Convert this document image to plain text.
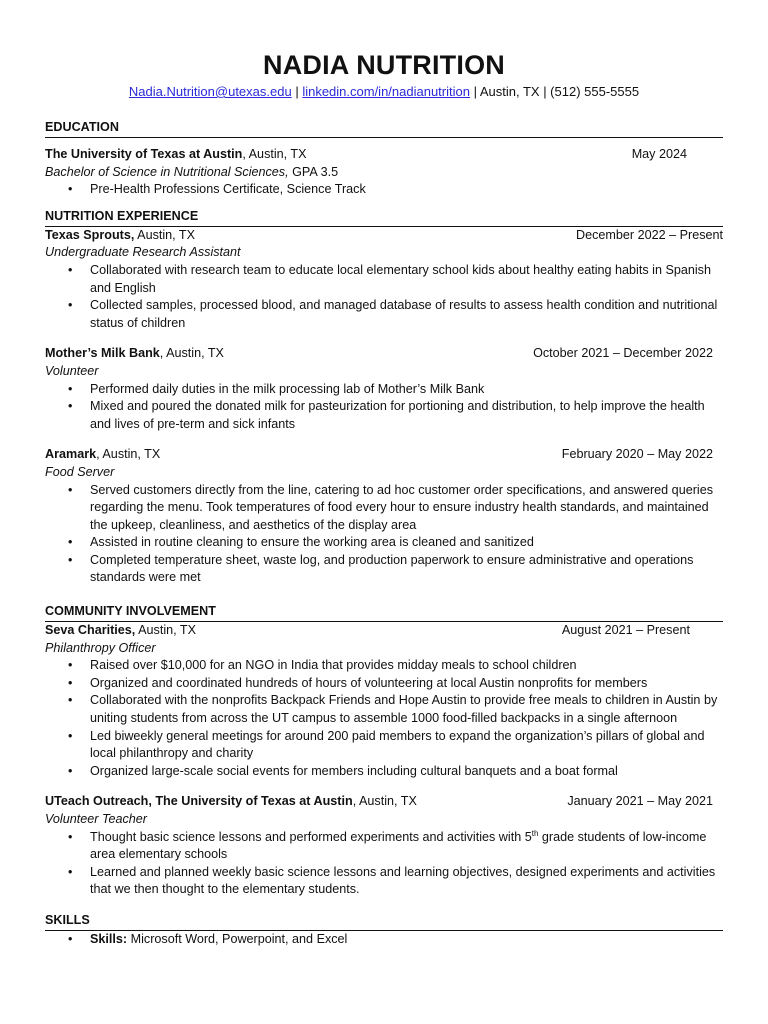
NADIA NUTRITION
Nadia.Nutrition@utexas.edu | linkedin.com/in/nadianutrition | Austin, TX | (512) 555-5555
EDUCATION
The University of Texas at Austin, Austin, TX	May 2024
Bachelor of Science in Nutritional Sciences, GPA 3.5
• Pre-Health Professions Certificate, Science Track
NUTRITION EXPERIENCE
Texas Sprouts, Austin, TX	December 2022 – Present
Undergraduate Research Assistant
• Collaborated with research team to educate local elementary school kids about healthy eating habits in Spanish and English
• Collected samples, processed blood, and managed database of results to assess health condition and nutritional status of children
Mother’s Milk Bank, Austin, TX	October 2021 – December 2022
Volunteer
• Performed daily duties in the milk processing lab of Mother’s Milk Bank
• Mixed and poured the donated milk for pasteurization for portioning and distribution, to help improve the health and lives of pre-term and sick infants
Aramark, Austin, TX	February 2020 – May 2022
Food Server
• Served customers directly from the line, catering to ad hoc customer order specifications, and answered queries regarding the menu. Took temperatures of food every hour to ensure industry health standards, and maintained the upkeep, cleanliness, and aesthetics of the display area
• Assisted in routine cleaning to ensure the working area is cleaned and sanitized
• Completed temperature sheet, waste log, and production paperwork to ensure administrative and operations standards were met
COMMUNITY INVOLVEMENT
Seva Charities, Austin, TX	August 2021 – Present
Philanthropy Officer
• Raised over $10,000 for an NGO in India that provides midday meals to school children
• Organized and coordinated hundreds of hours of volunteering at local Austin nonprofits for members
• Collaborated with the nonprofits Backpack Friends and Hope Austin to provide free meals to children in Austin by uniting students from across the UT campus to assemble 1000 food-filled backpacks in a single afternoon
• Led biweekly general meetings for around 200 paid members to expand the organization’s pillars of global and local philanthropy and charity
• Organized large-scale social events for members including cultural banquets and a boat formal
UTeach Outreach, The University of Texas at Austin, Austin, TX	January 2021 – May 2021
Volunteer Teacher
• Thought basic science lessons and performed experiments and activities with 5th grade students of low-income area elementary schools
• Learned and planned weekly basic science lessons and learning objectives, designed experiments and activities that we then thought to the elementary students.
SKILLS
• Skills: Microsoft Word, Powerpoint, and Excel
